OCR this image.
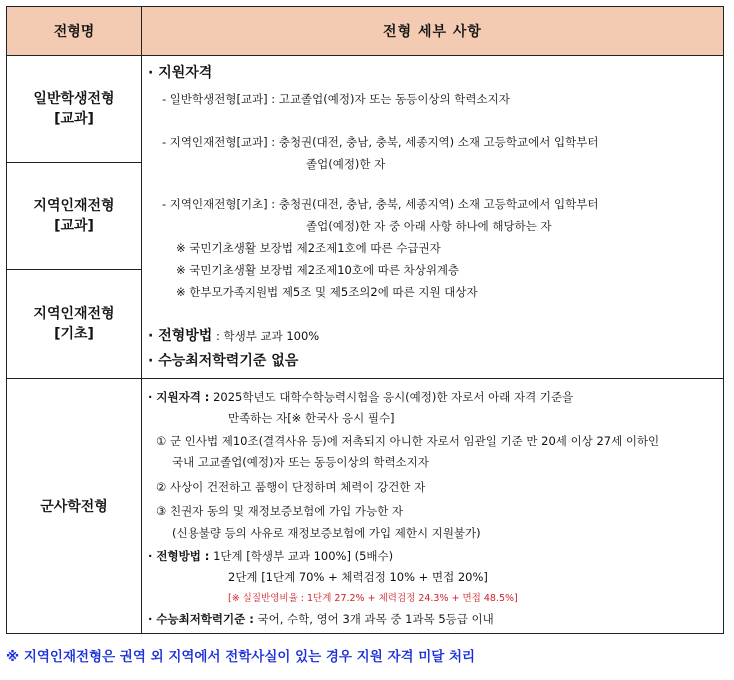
전형명	전형 세부 사항
일반학생전형
[교과]
지역인재전형
[교과]
지역인재전형
[기초]
군사학전형
· 지원자격
- 일반학생전형[교과] : 고교졸업(예정)자 또는 동등이상의 학력소지자
- 지역인재전형[교과] : 충청권(대전, 충남, 충북, 세종지역) 소재 고등학교에서 입학부터
졸업(예정)한 자
- 지역인재전형[기초] : 충청권(대전, 충남, 충북, 세종지역) 소재 고등학교에서 입학부터
졸업(예정)한 자 중 아래 사항 하나에 해당하는 자
※ 국민기초생활 보장법 제2조제1호에 따른 수급권자
※ 국민기초생활 보장법 제2조제10호에 따른 차상위계층
※ 한부모가족지원법 제5조 및 제5조의2에 따른 지원 대상자
· 전형방법 : 학생부 교과 100%
· 수능최저학력기준 없음
· 지원자격 : 2025학년도 대학수학능력시험을 응시(예정)한 자로서 아래 자격 기준을
만족하는 자[※ 한국사 응시 필수]
① 군 인사법 제10조(결격사유 등)에 저촉되지 아니한 자로서 임관일 기준 만 20세 이상 27세 이하인
국내 고교졸업(예정)자 또는 동등이상의 학력소지자
② 사상이 건전하고 품행이 단정하며 체력이 강건한 자
③ 친권자 동의 및 재정보증보험에 가입 가능한 자
(신용불량 등의 사유로 재정보증보험에 가입 제한시 지원불가)
· 전형방법 : 1단계 [학생부 교과 100%] (5배수)
2단계 [1단계 70% + 체력검정 10% + 면접 20%]
[※ 실질반영비율 : 1단계 27.2% + 체력검정 24.3% + 면접 48.5%]
· 수능최저학력기준 : 국어, 수학, 영어 3개 과목 중 1과목 5등급 이내
※ 지역인재전형은 권역 외 지역에서 전학사실이 있는 경우 지원 자격 미달 처리
